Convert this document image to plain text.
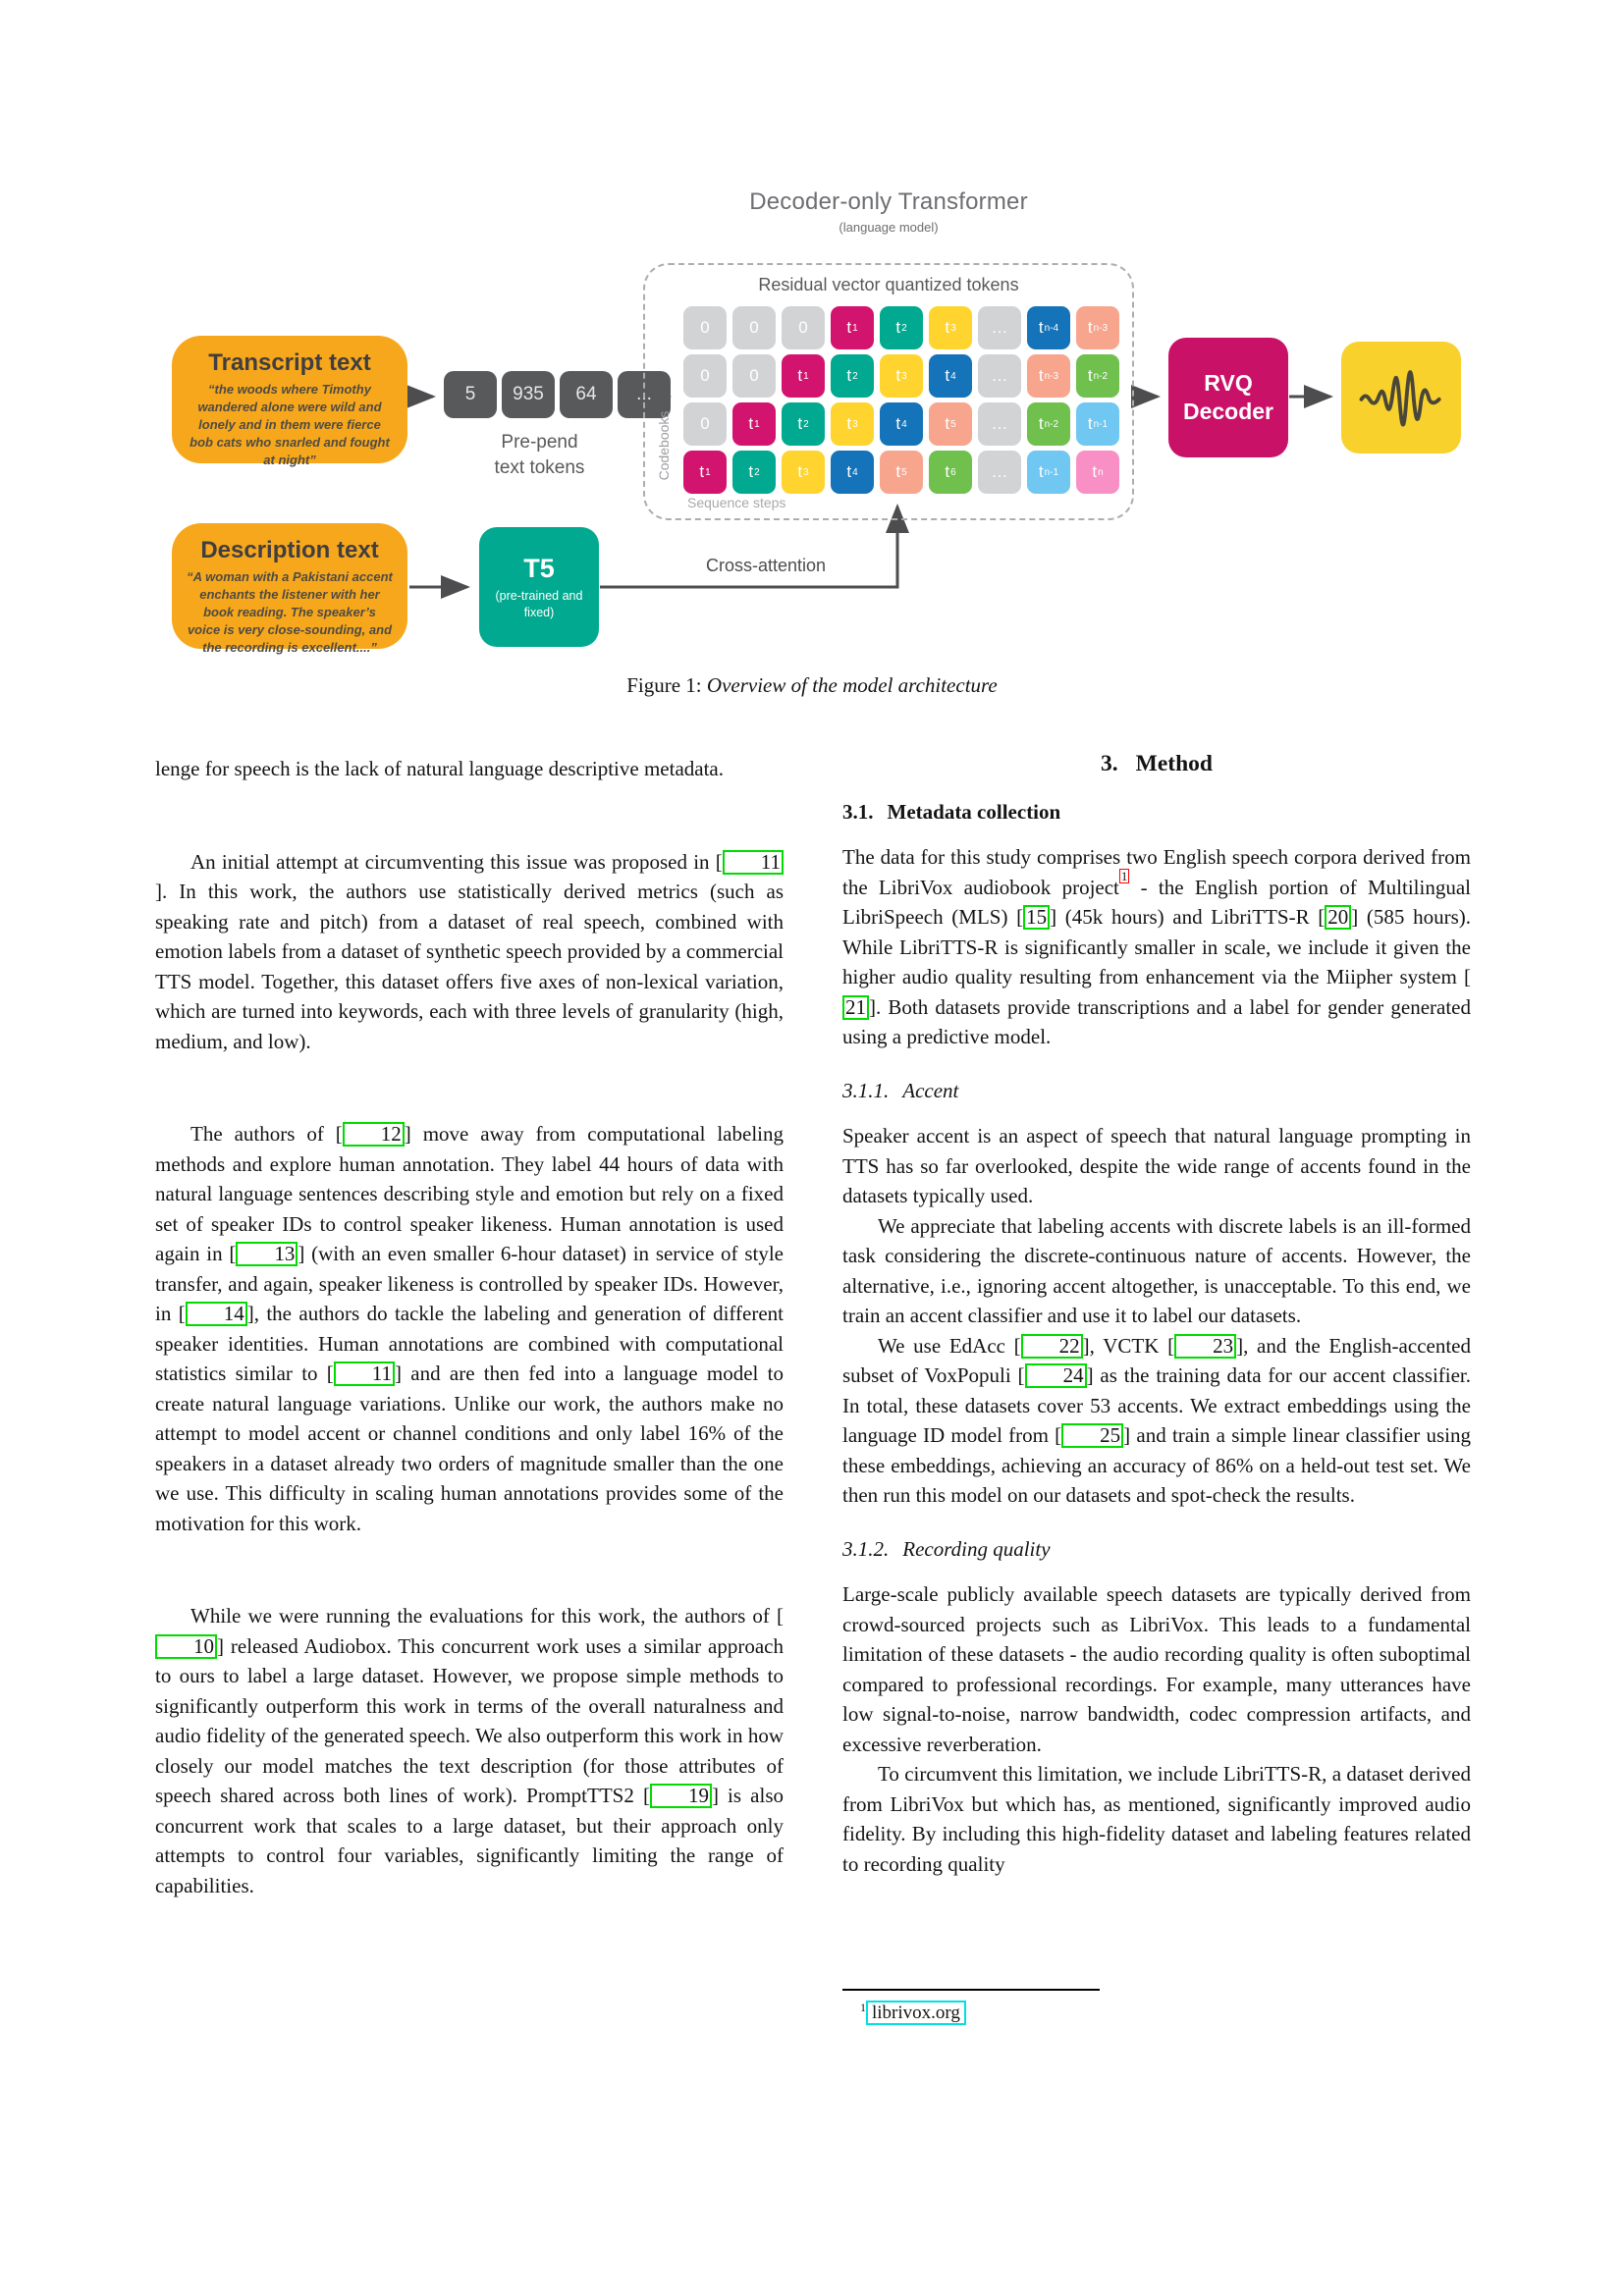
Decoder-only Transformer
(language model)
Transcript text
“the woods where Timothy wandered alone were wild and lonely and in them were fierce bob cats who snarled and fought at night”
5	935	64	...
Pre-pend
text tokens
Residual vector quantized tokens
0	0	0	t 1	t 2	t 3	…	t n-4	t n-3
0	0	t 1	t 2	t 3	t 4	…	t n-3	t n-2
0	t 1	t 2	t 3	t 4	t 5	…	t n-2	t n-1
t 1	t 2	t 3	t 4	t 5	t 6	…	t n-1	t n
Codebooks
Sequence steps
Description text
“A woman with a Pakistani accent enchants the listener with her book reading. The speaker’s voice is very close-sounding, and the recording is excellent....”
T5
(pre-trained and fixed)
Cross-attention
RVQ
Decoder
Figure 1: Overview of the model architecture

lenge for speech is the lack of natural language descriptive metadata.

An initial attempt at circumventing this issue was proposed in [ 11]. In this work, the authors use statistically derived metrics (such as speaking rate and pitch) from a dataset of real speech, combined with emotion labels from a dataset of synthetic speech provided by a commercial TTS model. Together, this dataset offers five axes of non-lexical variation, which are turned into keywords, each with three levels of granularity (high, medium, and low).

The authors of [ 12 ] move away from computational labeling methods and explore human annotation. They label 44 hours of data with natural language sentences describing style and emotion but rely on a fixed set of speaker IDs to control speaker likeness. Human annotation is used again in [ 13 ] (with an even smaller 6-hour dataset) in service of style transfer, and again, speaker likeness is controlled by speaker IDs. However, in [ 14 ], the authors do tackle the labeling and generation of different speaker identities. Human annotations are combined with computational statistics similar to [ 11 ] and are then fed into a language model to create natural language variations. Unlike our work, the authors make no attempt to model accent or channel conditions and only label 16% of the speakers in a dataset already two orders of magnitude smaller than the one we use. This difficulty in scaling human annotations provides some of the motivation for this work.

While we were running the evaluations for this work, the authors of [10 ] released Audiobox. This concurrent work uses a similar approach to ours to label a large dataset. However, we propose simple methods to significantly outperform this work in terms of the overall naturalness and audio fidelity of the generated speech. We also outperform this work in how closely our model matches the text description (for those attributes of speech shared across both lines of work). PromptTTS2 [ 19 ] is also concurrent work that scales to a large dataset, but their approach only attempts to control four variables, significantly limiting the range of capabilities.

3. Method
3.1. Metadata collection

The data for this study comprises two English speech corpora derived from the LibriVox audiobook project $^1$ - the English portion of Multilingual LibriSpeech (MLS) [ 15 ] (45k hours) and LibriTTS-R [ 20 ] (585 hours). While LibriTTS-R is significantly smaller in scale, we include it given the higher audio quality resulting from enhancement via the Miipher system [21 ]. Both datasets provide transcriptions and a label for gender generated using a predictive model.

3.1.1. Accent

Speaker accent is an aspect of speech that natural language prompting in TTS has so far overlooked, despite the wide range of accents found in the datasets typically used.

We appreciate that labeling accents with discrete labels is an ill-formed task considering the discrete-continuous nature of accents. However, the alternative, i.e., ignoring accent altogether, is unacceptable. To this end, we train an accent classifier and use it to label our datasets.

We use EdAcc [ 22 ], VCTK [ 23 ], and the English-accented subset of VoxPopuli [ 24 ] as the training data for our accent classifier. In total, these datasets cover 53 accents. We extract embeddings using the language ID model from [ 25 ] and train a simple linear classifier using these embeddings, achieving an accuracy of 86% on a held-out test set. We then run this model on our datasets and spot-check the results.

3.1.2. Recording quality

Large-scale publicly available speech datasets are typically derived from crowd-sourced projects such as LibriVox. This leads to a fundamental limitation of these datasets - the audio recording quality is often suboptimal compared to professional recordings. For example, many utterances have low signal-to-noise, narrow bandwidth, codec compression artifacts, and excessive reverberation.

To circumvent this limitation, we include LibriTTS-R, a dataset derived from LibriVox but which has, as mentioned, significantly improved audio fidelity. By including this high-fidelity dataset and labeling features related to recording quality

$^1$ librivox.org
